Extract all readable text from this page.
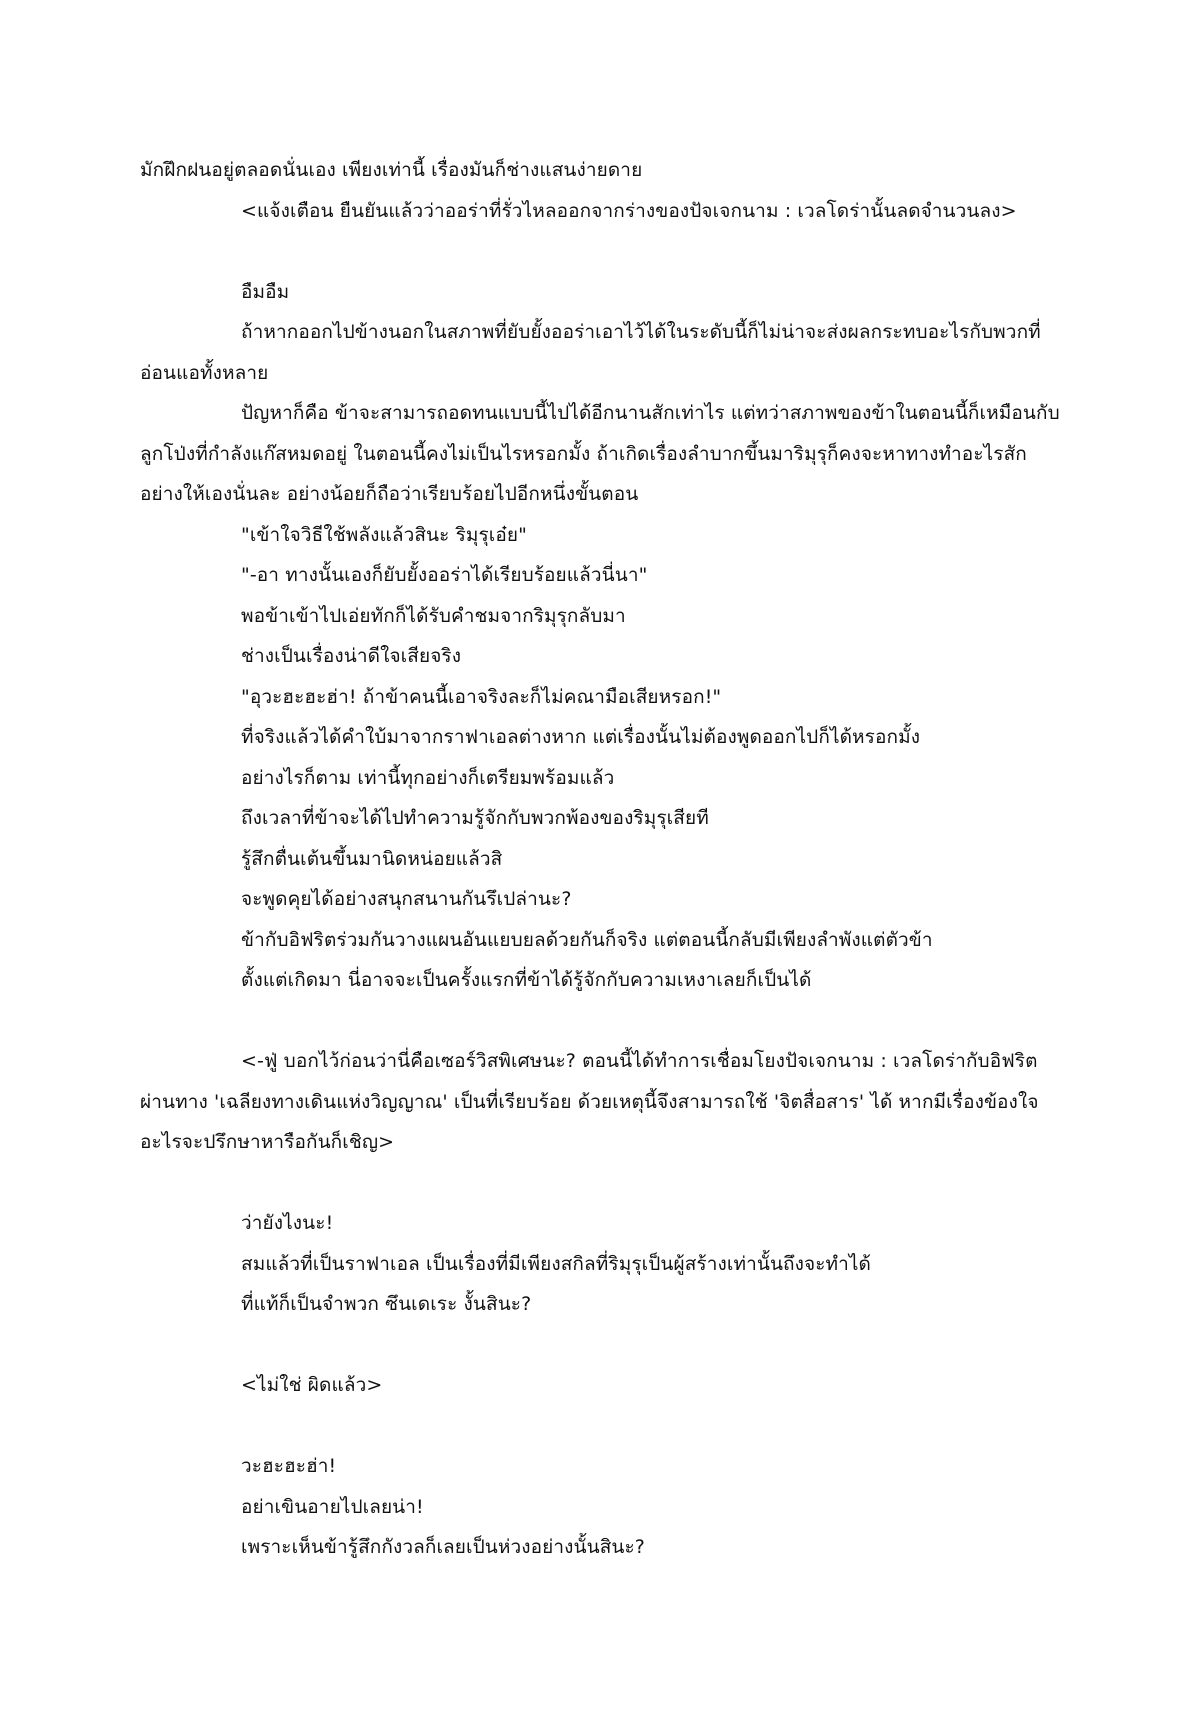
มักฝึกฝนอยู่ตลอดนั่นเอง เพียงเท่านี้ เรื่องมันก็ช่างแสนง่ายดาย

<แจ้งเตือน ยืนยันแล้วว่าออร่าที่รั่วไหลออกจากร่างของปัจเจกนาม : เวลโดร่านั้นลดจำนวนลง>

อืมอืม

ถ้าหากออกไปข้างนอกในสภาพที่ยับยั้งออร่าเอาไว้ได้ในระดับนี้ก็ไม่น่าจะส่งผลกระทบอะไรกับพวกที่อ่อนแอทั้งหลาย

ปัญหาก็คือ ข้าจะสามารถอดทนแบบนี้ไปได้อีกนานสักเท่าไร แต่ทว่าสภาพของข้าในตอนนี้ก็เหมือนกับลูกโป่งที่กำลังแก๊สหมดอยู่ ในตอนนี้คงไม่เป็นไรหรอกมั้ง ถ้าเกิดเรื่องลำบากขึ้นมาริมุรุก็คงจะหาทางทำอะไรสักอย่างให้เองนั่นละ อย่างน้อยก็ถือว่าเรียบร้อยไปอีกหนึ่งขั้นตอน

"เข้าใจวิธีใช้พลังแล้วสินะ ริมุรุเอ๋ย"

"-อา ทางนั้นเองก็ยับยั้งออร่าได้เรียบร้อยแล้วนี่นา"

พอข้าเข้าไปเอ่ยทักก็ได้รับคำชมจากริมุรุกลับมา

ช่างเป็นเรื่องน่าดีใจเสียจริง

"อุวะฮะฮะฮ่า! ถ้าข้าคนนี้เอาจริงละก็ไม่คณามือเสียหรอก!"

ที่จริงแล้วได้คำใบ้มาจากราฟาเอลต่างหาก แต่เรื่องนั้นไม่ต้องพูดออกไปก็ได้หรอกมั้ง

อย่างไรก็ตาม เท่านี้ทุกอย่างก็เตรียมพร้อมแล้ว

ถึงเวลาที่ข้าจะได้ไปทำความรู้จักกับพวกพ้องของริมุรุเสียที

รู้สึกตื่นเต้นขึ้นมานิดหน่อยแล้วสิ

จะพูดคุยได้อย่างสนุกสนานกันรึเปล่านะ?

ข้ากับอิฟริตร่วมกันวางแผนอันแยบยลด้วยกันก็จริง แต่ตอนนี้กลับมีเพียงลำพังแต่ตัวข้า

ตั้งแต่เกิดมา นี่อาจจะเป็นครั้งแรกที่ข้าได้รู้จักกับความเหงาเลยก็เป็นได้

<-ฟู่ บอกไว้ก่อนว่านี่คือเซอร์วิสพิเศษนะ? ตอนนี้ได้ทำการเชื่อมโยงปัจเจกนาม : เวลโดร่ากับอิฟริตผ่านทาง 'เฉลียงทางเดินแห่งวิญญาณ' เป็นที่เรียบร้อย ด้วยเหตุนี้จึงสามารถใช้ 'จิตสื่อสาร' ได้ หากมีเรื่องข้องใจอะไรจะปรึกษาหารือกันก็เชิญ>

ว่ายังไงนะ!

สมแล้วที่เป็นราฟาเอล เป็นเรื่องที่มีเพียงสกิลที่ริมุรุเป็นผู้สร้างเท่านั้นถึงจะทำได้

ที่แท้ก็เป็นจำพวก ซึนเดเระ งั้นสินะ?

<ไม่ใช่ ผิดแล้ว>

วะฮะฮะฮ่า!

อย่าเขินอายไปเลยน่า!

เพราะเห็นข้ารู้สึกกังวลก็เลยเป็นห่วงอย่างนั้นสินะ?
